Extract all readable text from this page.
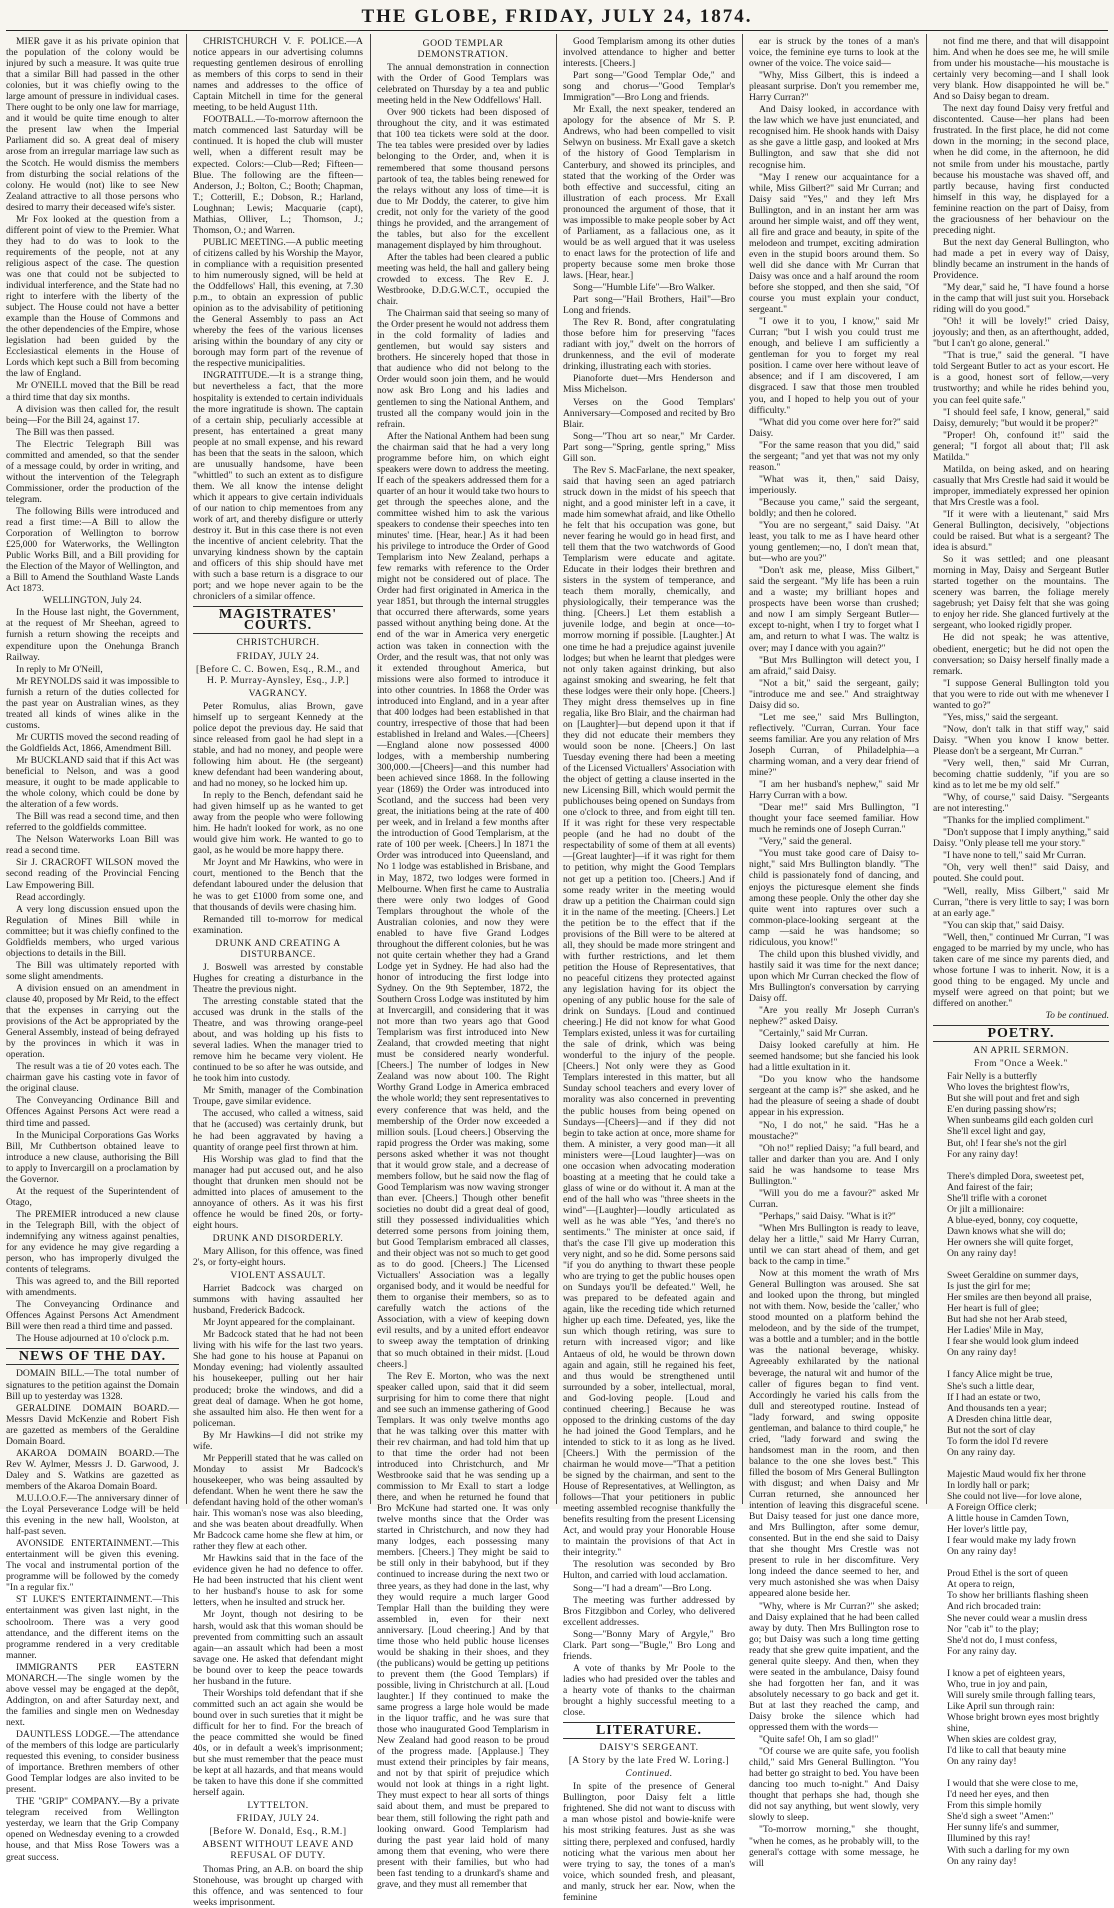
THE GLOBE, FRIDAY, JULY 24, 1874.

MIER gave it as his private opinion that the population of the colony would be injured by such a measure. It was quite true that a similar Bill had passed in the other colonies, but it was chiefly owing to the large amount of pressure in individual cases. There ought to be only one law for marriage, and it would be quite time enough to alter the present law when the Imperial Parliament did so. A great deal of misery arose from an irregular marriage law such as the Scotch. He would dismiss the members from disturbing the social relations of the colony. He would (not) like to see New Zealand attractive to all those persons who desired to marry their deceased wife's sister.

Mr Fox looked at the question from a different point of view to the Premier. What they had to do was to look to the requirements of the people, not at any religious aspect of the case. The question was one that could not be subjected to individual interference, and the State had no right to interfere with the liberty of the subject. The House could not have a better example than the House of Commons and the other dependencies of the Empire, whose legislation had been guided by the Ecclesiastical elements in the House of Lords which kept such a Bill from becoming the law of England.

Mr O'NEILL moved that the Bill be read a third time that day six months.

A division was then called for, the result being—For the Bill 24, against 17.

The Bill was then passed.

The Electric Telegraph Bill was committed and amended, so that the sender of a message could, by order in writing, and without the intervention of the Telegraph Commissioner, order the production of the telegram.

The following Bills were introduced and read a first time:—A Bill to allow the Corporation of Wellington to borrow £25,000 for Waterworks, the Wellington Public Works Bill, and a Bill providing for the Election of the Mayor of Wellington, and a Bill to Amend the Southland Waste Lands Act 1873.

WELLINGTON, July 24.

In the House last night, the Government, at the request of Mr Sheehan, agreed to furnish a return showing the receipts and expenditure upon the Onehunga Branch Railway.

In reply to Mr O'Neill,

Mr REYNOLDS said it was impossible to furnish a return of the duties collected for the past year on Australian wines, as they treated all kinds of wines alike in the customs.

Mr CURTIS moved the second reading of the Goldfields Act, 1866, Amendment Bill.

Mr BUCKLAND said that if this Act was beneficial to Nelson, and was a good measure, it ought to be made applicable to the whole colony, which could be done by the alteration of a few words.

The Bill was read a second time, and then referred to the goldfields committee.

The Nelson Waterworks Loan Bill was read a second time.

Sir J. CRACROFT WILSON moved the second reading of the Provincial Fencing Law Empowering Bill.

Read accordingly.

A very long discussion ensued upon the Regulation of Mines Bill while in committee; but it was chiefly confined to the Goldfields members, who urged various objections to details in the Bill.

The Bill was ultimately reported with some slight amendments.

A division ensued on an amendment in clause 40, proposed by Mr Reid, to the effect that the expenses in carrying out the provisions of the Act be appropriated by the General Assembly, instead of being defrayed by the provinces in which it was in operation.

The result was a tie of 20 votes each. The chairman gave his casting vote in favor of the original clause.

The Conveyancing Ordinance Bill and Offences Against Persons Act were read a third time and passed.

In the Municipal Corporations Gas Works Bill, Mr Cuthbertson obtained leave to introduce a new clause, authorising the Bill to apply to Invercargill on a proclamation by the Governor.

At the request of the Superintendent of Otago,

The PREMIER introduced a new clause in the Telegraph Bill, with the object of indemnifying any witness against penalties, for any evidence he may give regarding a person, who has improperly divulged the contents of telegrams.

This was agreed to, and the Bill reported with amendments.

The Conveyancing Ordinance and Offences Against Persons Act Amendment Bill were then read a third time and passed.

The House adjourned at 10 o'clock p.m.

NEWS OF THE DAY.

DOMAIN BILL.—The total number of signatures to the petition against the Domain Bill up to yesterday was 1328.

GERALDINE DOMAIN BOARD.—Messrs David McKenzie and Robert Fish are gazetted as members of the Geraldine Domain Board.

AKAROA DOMAIN BOARD.—The Rev W. Aylmer, Messrs J. D. Garwood, J. Daley and S. Watkins are gazetted as members of the Akaroa Domain Board.

M.U.I.O.O.F.—The anniversary dinner of the Loyal Perseverance Lodge will be held this evening in the new hall, Woolston, at half-past seven.

AVONSIDE ENTERTAINMENT.—This entertainment will be given this evening. The vocal and instrumental portion of the programme will be followed by the comedy "In a regular fix."

ST LUKE'S ENTERTAINMENT.—This entertainment was given last night, in the schoolroom. There was a very good attendance, and the different items on the programme rendered in a very creditable manner.

IMMIGRANTS PER EASTERN MONARCH.—The single women by the above vessel may be engaged at the depôt, Addington, on and after Saturday next, and the families and single men on Wednesday next.

DAUNTLESS LODGE.—The attendance of the members of this lodge are particularly requested this evening, to consider business of importance. Brethren members of other Good Templar lodges are also invited to be present.

THE "GRIP" COMPANY.—By a private telegram received from Wellington yesterday, we learn that the Grip Company opened on Wednesday evening to a crowded house, and that Miss Rose Towers was a great success.

CHRISTCHURCH V. F. POLICE.—A notice appears in our advertising columns requesting gentlemen desirous of enrolling as members of this corps to send in their names and addresses to the office of Captain Mitchell in time for the general meeting, to be held August 11th.

FOOTBALL.—To-morrow afternoon the match commenced last Saturday will be continued. It is hoped the club will muster well, when a different result may be expected. Colors:—Club—Red; Fifteen—Blue. The following are the fifteen—Anderson, J.; Bolton, C.; Booth; Chapman, T.; Cotterill, E.; Dobson, R.; Harland, Loughnan; Lewis; Macquarie (capt), Mathias, Olliver, L.; Thomson, J.; Thomson, O.; and Warren.

PUBLIC MEETING.—A public meeting of citizens called by his Worship the Mayor, in compliance with a requisition presented to him numerously signed, will be held at the Oddfellows' Hall, this evening, at 7.30 p.m., to obtain an expression of public opinion as to the advisability of petitioning the General Assembly to pass an Act whereby the fees of the various licenses arising within the boundary of any city or borough may form part of the revenue of the respective municipalities.

INGRATITUDE.—It is a strange thing, but nevertheless a fact, that the more hospitality is extended to certain individuals the more ingratitude is shown. The captain of a certain ship, peculiarly accessible at present, has entertained a great many people at no small expense, and his reward has been that the seats in the saloon, which are unusually handsome, have been "whittled" to such an extent as to disfigure them. We all know the intense delight which it appears to give certain individuals of our nation to chip mementoes from any work of art, and thereby disfigure or utterly destroy it. But in this case there is not even the incentive of ancient celebrity. That the unvarying kindness shown by the captain and officers of this ship should have met with such a base return is a disgrace to our port; and we hope never again to be the chroniclers of a similar offence.

MAGISTRATES' COURTS.
CHRISTCHURCH.
FRIDAY, JULY 24.
[Before C. C. Bowen, Esq., R.M., and H. P. Murray-Aynsley, Esq., J.P.]
VAGRANCY.

Peter Romulus, alias Brown, gave himself up to sergeant Kennedy at the police depot the previous day. He said that since released from gaol he had slept in a stable, and had no money, and people were following him about. He (the sergeant) knew defendant had been wandering about, and had no money, so he locked him up.

In reply to the Bench, defendant said he had given himself up as he wanted to get away from the people who were following him. He hadn't looked for work, as no one would give him work. He wanted to go to gaol, as he would be more happy there.

Mr Joynt and Mr Hawkins, who were in court, mentioned to the Bench that the defendant laboured under the delusion that he was to get £1000 from some one, and that thousands of devils were chasing him.

Remanded till to-morrow for medical examination.

DRUNK AND CREATING A DISTURBANCE.

J. Boswell was arrested by constable Hughes for creating a disturbance in the Theatre the previous night.

The arresting constable stated that the accused was drunk in the stalls of the Theatre, and was throwing orange-peel about, and was holding up his fists to several ladies. When the manager tried to remove him he became very violent. He continued to be so after he was outside, and he took him into custody.

Mr Smith, manager of the Combination Troupe, gave similar evidence.

The accused, who called a witness, said that he (accused) was certainly drunk, but he had been aggravated by having a quantity of orange peel first thrown at him.

His Worship was glad to find that the manager had put accused out, and he also thought that drunken men should not be admitted into places of amusement to the annoyance of others. As it was his first offence he would be fined 20s, or forty-eight hours.

DRUNK AND DISORDERLY.

Mary Allison, for this offence, was fined 2's, or forty-eight hours.

VIOLENT ASSAULT.

Harriet Badcock was charged on summons with having assaulted her husband, Frederick Badcock.

Mr Joynt appeared for the complainant.

Mr Badcock stated that he had not been living with his wife for the last two years. She had gone to his house at Papanui on Monday evening; had violently assaulted his housekeeper, pulling out her hair produced; broke the windows, and did a great deal of damage. When he got home, she assaulted him also. He then went for a policeman.

By Mr Hawkins—I did not strike my wife.

Mr Pepperill stated that he was called on Monday to assist Mr Badcock's housekeeper, who was being assaulted by defendant. When he went there he saw the defendant having hold of the other woman's hair. This woman's nose was also bleeding, and she was beaten about dreadfully. When Mr Badcock came home she flew at him, or rather they flew at each other.

Mr Hawkins said that in the face of the evidence given he had no defence to offer. He had been instructed that his client went to her husband's house to ask for some letters, when he insulted and struck her.

Mr Joynt, though not desiring to be harsh, would ask that this woman should be prevented from committing such an assault again—an assault which had been a most savage one. He asked that defendant might be bound over to keep the peace towards her husband in the future.

Their Worships told defendant that if she committed such an act again she would be bound over in such sureties that it might be difficult for her to find. For the breach of the peace committed she would be fined 40s, or in default a week's imprisonment; but she must remember that the peace must be kept at all hazards, and that means would be taken to have this done if she committed herself again.

LYTTELTON.
FRIDAY, JULY 24.
[Before W. Donald, Esq., R.M.]
ABSENT WITHOUT LEAVE AND REFUSAL OF DUTY.

Thomas Pring, an A.B. on board the ship Stonehouse, was brought up charged with this offence, and was sentenced to four weeks imprisonment.

GOOD TEMPLAR DEMONSTRATION.

The annual demonstration in connection with the Order of Good Templars was celebrated on Thursday by a tea and public meeting held in the New Oddfellows' Hall.

Over 900 tickets had been disposed of throughout the city, and it was estimated that 100 tea tickets were sold at the door. The tea tables were presided over by ladies belonging to the Order, and, when it is remembered that some thousand persons partook of tea, the tables being renewed for the relays without any loss of time—it is due to Mr Doddy, the caterer, to give him credit, not only for the variety of the good things he provided, and the arrangement of the tables, but also for the excellent management displayed by him throughout.

After the tables had been cleared a public meeting was held, the hall and gallery being crowded to excess. The Rev E. J. Westbrooke, D.D.G.W.C.T., occupied the chair.

The Chairman said that seeing so many of the Order present he would not address them in the cold formality of ladies and gentlemen, but would say sisters and brothers. He sincerely hoped that those in that audience who did not belong to the Order would soon join them, and he would now ask Bro Long and his ladies and gentlemen to sing the National Anthem, and trusted all the company would join in the refrain.

After the National Anthem had been sung the chairman said that he had a very long programme before him, on which eight speakers were down to address the meeting. If each of the speakers addressed them for a quarter of an hour it would take two hours to get through the speeches alone, and the committee wished him to ask the various speakers to condense their speeches into ten minutes' time. [Hear, hear.] As it had been his privilege to introduce the Order of Good Templarism into New Zealand, perhaps a few remarks with reference to the Order might not be considered out of place. The Order had first originated in America in the year 1851, but through the internal struggles that occurred there afterwards, some years passed without anything being done. At the end of the war in America very energetic action was taken in connection with the Order, and the result was, that not only was it extended throughout America, but missions were also formed to introduce it into other countries. In 1868 the Order was introduced into England, and in a year after that 400 lodges had been established in that country, irrespective of those that had been established in Ireland and Wales.—[Cheers]—England alone now possessed 4000 lodges, with a membership numbering 300,000.—[Cheers]—and this number had been achieved since 1868. In the following year (1869) the Order was introduced into Scotland, and the success had been very great, the initiations being at the rate of 400 per week, and in Ireland a few months after the introduction of Good Templarism, at the rate of 100 per week. [Cheers.] In 1871 the Order was introduced into Queensland, and No 1 lodge was established in Brisbane, and in May, 1872, two lodges were formed in Melbourne. When first he came to Australia there were only two lodges of Good Templars throughout the whole of the Australian colonies, and now they were enabled to have five Grand Lodges throughout the different colonies, but he was not quite certain whether they had a Grand Lodge yet in Sydney. He had also had the honor of introducing the first lodge into Sydney. On the 9th September, 1872, the Southern Cross Lodge was instituted by him at Invercargill, and considering that it was not more than two years ago that Good Templarism was first introduced into New Zealand, that crowded meeting that night must be considered nearly wonderful. [Cheers.] The number of lodges in New Zealand was now about 100. The Right Worthy Grand Lodge in America embraced the whole world; they sent representatives to every conference that was held, and the membership of the Order now exceeded a million souls. [Loud cheers.] Observing the rapid progress the Order was making, some persons asked whether it was not thought that it would grow stale, and a decrease of members follow, but he said now the flag of Good Templarism was now waving stronger than ever. [Cheers.] Though other benefit societies no doubt did a great deal of good, still they possessed individualities which deterred some persons from joining them, but Good Templarism embraced all classes, and their object was not so much to get good as to do good. [Cheers.] The Licensed Victuallers' Association was a legally organised body, and it would be needful for them to organise their members, so as to carefully watch the actions of the Association, with a view of keeping down evil results, and by a united effort endeavor to sweep away the temptation of drinking that so much obtained in their midst. [Loud cheers.]

The Rev E. Morton, who was the next speaker called upon, said that it did seem surprising for him to come there that night and see such an immense gathering of Good Templars. It was only twelve months ago that he was talking over this matter with their rev chairman, and had told him that up to that time the order had not been introduced into Christchurch, and Mr Westbrooke said that he was sending up a commission to Mr Exall to start a lodge there, and when he returned he found that Bro McKune had started one. It was only twelve months since that the Order was started in Christchurch, and now they had many lodges, each possessing many members. [Cheers.] They might be said to be still only in their babyhood, but if they continued to increase during the next two or three years, as they had done in the last, why they would require a much larger Good Templar Hall than the building they were assembled in, even for their next anniversary. [Loud cheering.] And by that time those who held public house licenses would be shaking in their shoes, and they (the publicans) would be getting up petitions to prevent them (the Good Templars) if possible, living in Christchurch at all. [Loud laughter.] If they continued to make the same progress a large hole would be made in the liquor traffic, and he was sure that those who inaugurated Good Templarism in New Zealand had good reason to be proud of the progress made. [Applause.] They must extend their principles by fair means, and not by that spirit of prejudice which would not look at things in a right light. They must expect to hear all sorts of things said about them, and must be prepared to bear them, still following the right path and looking onward. Good Templarism had during the past year laid hold of many among them that evening, who were there present with their families, but who had been fast tending to a drunkard's shame and grave, and they must all remember that

Good Templarism among its other duties involved attendance to higher and better interests. [Cheers.]

Part song—"Good Templar Ode," and song and chorus—"Good Templar's Immigration"—Bro Long and friends.

Mr Exall, the next speaker, tendered an apology for the absence of Mr S. P. Andrews, who had been compelled to visit Selwyn on business. Mr Exall gave a sketch of the history of Good Templarism in Canterbury, and showed its principles, and stated that the working of the Order was both effective and successful, citing an illustration of each process. Mr Exall pronounced the argument of those, that it was impossible to make people sober by Act of Parliament, as a fallacious one, as it would be as well argued that it was useless to enact laws for the protection of life and property because some men broke those laws. [Hear, hear.]

Song—"Humble Life"—Bro Walker.

Part song—"Hail Brothers, Hail"—Bro Long and friends.

The Rev R. Bond, after congratulating those before him for preserving "faces radiant with joy," dwelt on the horrors of drunkenness, and the evil of moderate drinking, illustrating each with stories.

Pianoforte duet—Mrs Henderson and Miss Michelson.

Verses on the Good Templars' Anniversary—Composed and recited by Bro Blair.

Song—"Thou art so near," Mr Carder. Part song—"Spring, gentle spring," Miss Gill son.

The Rev S. MacFarlane, the next speaker, said that having seen an aged patriarch struck down in the midst of his speech that night, and a good minister left in a cave, it made him somewhat afraid, and like Othello he felt that his occupation was gone, but never fearing he would go in head first, and tell them that the two watchwords of Good Templarism were educate and agitate. Educate in their lodges their brethren and sisters in the system of temperance, and teach them morally, chemically, and physiologically, their temperance was the thing. [Cheers.] Let them establish a juvenile lodge, and begin at once—to-morrow morning if possible. [Laughter.] At one time he had a prejudice against juvenile lodges; but when he learnt that pledges were not only taken against drinking, but also against smoking and swearing, he felt that these lodges were their only hope. [Cheers.] They might dress themselves up in fine regalia, like Bro Blair, and the chairman had on [Laughter]—but depend upon it that if they did not educate their members they would soon be none. [Cheers.] On last Tuesday evening there had been a meeting of the Licensed Victuallers' Association with the object of getting a clause inserted in the new Licensing Bill, which would permit the publichouses being opened on Sundays from one o'clock to three, and from eight till ten. If it was right for these very respectable people (and he had no doubt of the respectability of some of them at all events)—[Great laughter]—if it was right for them to petition, why might the Good Templars not get up a petition too. [Cheers.] And if some ready writer in the meeting would draw up a petition the Chairman could sign it in the name of the meeting. [Cheers.] Let the petition be to the effect that if the provisions of the Bill were to be altered at all, they should be made more stringent and with further restrictions, and let them petition the House of Representatives, that no peaceful citizens they protected against any legislation having for its object the opening of any public house for the sale of drink on Sundays. [Loud and continued cheering.] He did not know for what Good Templars existed, unless it was for curtailing the sale of drink, which was being wonderful to the injury of the people. [Cheers.] Not only were they as Good Templars interested in this matter, but all Sunday school teachers and every lover of morality was also concerned in preventing the public houses from being opened on Sundays—[Cheers]—and if they did not begin to take action at once, more shame for them. A minister, a very good man—it all ministers were—[Loud laughter]—was on one occasion when advocating moderation boasting at a meeting that he could take a glass of wine or do without it. A man at the end of the hall who was "three sheets in the wind"—[Laughter]—loudly articulated as well as he was able "Yes, 'and there's no sentiments." The minister at once said, if that's the case I'll give up moderation this very night, and so he did. Some persons said "if you do anything to thwart these people who are trying to get the public houses open on Sundays you'll be defeated." Well, he was prepared to be defeated again and again, like the receding tide which returned higher up each time. Defeated, yes, like the sun which though retiring, was sure to return with increased vigor; and like Antaeus of old, he would be thrown down again and again, still he regained his feet, and thus would be strengthened until surrounded by a sober, intellectual, moral, and God-loving people. [Loud and continued cheering.] Because he was opposed to the drinking customs of the day he had joined the Good Templars, and he intended to stick to it as long as he lived. [Cheers.] With the permission of the chairman he would move—"That a petition be signed by the chairman, and sent to the House of Representatives, at Wellington, as follows—That your petitioners in public meeting assembled recognise thankfully the benefits resulting from the present Licensing Act, and would pray your Honorable House to maintain the provisions of that Act in their integrity."

The resolution was seconded by Bro Hulton, and carried with loud acclamation.

Song—"I had a dream"—Bro Long.

The meeting was further addressed by Bros Fitzgibbon and Corley, who delivered excellent addresses.

Song—"Bonny Mary of Argyle," Bro Clark. Part song—"Bugle," Bro Long and friends.

A vote of thanks by Mr Poole to the ladies who had presided over the tables and a hearty vote of thanks to the chairman brought a highly successful meeting to a close.

LITERATURE.
DAISY'S SERGEANT.
[A Story by the late Fred W. Loring.]
Continued.

In spite of the presence of General Bullington, poor Daisy felt a little frightened. She did not want to discuss with a man whose pistol and bowie-knife were his most striking features. Just as she was sitting there, perplexed and confused, hardly noticing what the various men about her were trying to say, the tones of a man's voice, which sounded fresh, and pleasant, and manly, struck her ear. Now, when the feminine

ear is struck by the tones of a man's voice, the feminine eye turns to look at the owner of the voice. The voice said—

"Why, Miss Gilbert, this is indeed a pleasant surprise. Don't you remember me, Harry Curran?"

And Daisy looked, in accordance with the law which we have just enunciated, and recognised him. He shook hands with Daisy as she gave a little gasp, and looked at Mrs Bullington, and saw that she did not recognise him.

"May I renew our acquaintance for a while, Miss Gilbert?" said Mr Curran; and Daisy said "Yes," and they left Mrs Bullington, and in an instant her arm was around her simple waist, and off they went, all fire and grace and beauty, in spite of the melodeon and trumpet, exciting admiration even in the stupid boors around them. So well did she dance with Mr Curran that Daisy was once and a half around the room before she stopped, and then she said, "Of course you must explain your conduct, sergeant."

"I owe it to you, I know," said Mr Curran; "but I wish you could trust me enough, and believe I am sufficiently a gentleman for you to forget my real position. I came over here without leave of absence; and if I am discovered, I am disgraced. I saw that those men troubled you, and I hoped to help you out of your difficulty."

"What did you come over here for?" said Daisy.

"For the same reason that you did," said the sergeant; "and yet that was not my only reason."

"What was it, then," said Daisy, imperiously.

"Because you came," said the sergeant, boldly; and then he colored.

"You are no sergeant," said Daisy. "At least, you talk to me as I have heard other young gentlemen;—no, I don't mean that, but—who are you?"

"Don't ask me, please, Miss Gilbert," said the sergeant. "My life has been a ruin and a waste; my brilliant hopes and prospects have been worse than crushed; and now I am simply Sergeant Butler—except to-night, when I try to forget what I am, and return to what I was. The waltz is over; may I dance with you again?"

"But Mrs Bullington will detect you, I am afraid," said Daisy.

"Not a bit," said the sergeant, gaily; "introduce me and see." And straightway Daisy did so.

"Let me see," said Mrs Bullington, reflectively. "Curran, Curran. Your face seems familiar. Are you any relation of Mrs Joseph Curran, of Philadelphia—a charming woman, and a very dear friend of mine?"

"I am her husband's nephew," said Mr Harry Curran with a bow.

"Dear me!" said Mrs Bullington, "I thought your face seemed familiar. How much he reminds one of Joseph Curran."

"Very," said the general.

"You must take good care of Daisy to-night," said Mrs Bullington blandly. "The child is passionately fond of dancing, and enjoys the picturesque element she finds among these people. Only the other day she quite went into raptures over such a common-place-looking sergeant at the camp —said he was handsome; so ridiculous, you know!"

The child upon this blushed vividly, and hastily said it was time for the next dance; upon which Mr Curran checked the flow of Mrs Bullington's conversation by carrying Daisy off.

"Are you really Mr Joseph Curran's nephew?" asked Daisy.

"Certainly," said Mr Curran.

Daisy looked carefully at him. He seemed handsome; but she fancied his look had a little exultation in it.

"Do you know who the handsome sergeant at the camp is?" she asked, and he had the pleasure of seeing a shade of doubt appear in his expression.

"No, I do not," he said. "Has he a moustache?"

"Oh no!" replied Daisy; "a full beard, and taller and darker than you are. And I only said he was handsome to tease Mrs Bullington."

"Will you do me a favour?" asked Mr Curran.

"Perhaps," said Daisy. "What is it?"

"When Mrs Bullington is ready to leave, delay her a little," said Mr Harry Curran, until we can start ahead of them, and get back to the camp in time."

Now at this moment the wrath of Mrs General Bullington was aroused. She sat and looked upon the throng, but mingled not with them. Now, beside the 'caller,' who stood mounted on a platform behind the melodeon, and by the side of the trumpet, was a bottle and a tumbler; and in the bottle was the national beverage, whisky. Agreeably exhilarated by the national beverage, the natural wit and humor of the caller of figures began to find vent. Accordingly he varied his calls from the dull and stereotyped routine. Instead of "lady forward, and swing opposite gentleman, and balance to third couple," he cried, "lady forward and swing the handsomest man in the room, and then balance to the one she loves best." This filled the bosom of Mrs General Bullington with disgust; and when Daisy and Mr Curran returned, she announced her intention of leaving this disgraceful scene. But Daisy teased for just one dance more, and Mrs Bullington, after some demur, consented. But in the end she said to Daisy that she thought Mrs Crestle was not present to rule in her discomfiture. Very long indeed the dance seemed to her, and very much astonished she was when Daisy appeared alone beside her.

"Why, where is Mr Curran?" she asked; and Daisy explained that he had been called away by duty. Then Mrs Bullington rose to go; but Daisy was such a long time getting ready that she grew quite impatient, and the general quite sleepy. And then, when they were seated in the ambulance, Daisy found she had forgotten her fan, and it was absolutely necessary to go back and get it. But at last they reached the camp, and Daisy broke the silence which had oppressed them with the words—

"Quite safe! Oh, I am so glad!"

"Of course we are quite safe, you foolish child," said Mrs General Bullington. "You had better go straight to bed. You have been dancing too much to-night." And Daisy thought that perhaps she had, though she did not say anything, but went slowly, very slowly to sleep.

"To-morrow morning," she thought, "when he comes, as he probably will, to the general's cottage with some message, he will

not find me there, and that will disappoint him. And when he does see me, he will smile from under his moustache—his moustache is certainly very becoming—and I shall look very blank. How disappointed he will be." And so Daisy began to dream.

The next day found Daisy very fretful and discontented. Cause—her plans had been frustrated. In the first place, he did not come down in the morning; in the second place, when he did come, in the afternoon, he did not smile from under his moustache, partly because his moustache was shaved off, and partly because, having first conducted himself in this way, he displayed for a feminine reaction on the part of Daisy, from the graciousness of her behaviour on the preceding night.

But the next day General Bullington, who had made a pet in every way of Daisy, blindly became an instrument in the hands of Providence.

"My dear," said he, "I have found a horse in the camp that will just suit you. Horseback riding will do you good."

"Oh! it will be lovely!" cried Daisy, joyously; and then, as an afterthought, added, "but I can't go alone, general."

"That is true," said the general. "I have told Sergeant Butler to act as your escort. He is a good, honest sort of fellow,—very trustworthy; and while he rides behind you, you can feel quite safe."

"I should feel safe, I know, general," said Daisy, demurely; "but would it be proper?"

"Proper! Oh, confound it!" said the general; "I forgot all about that; I'll ask Matilda."

Matilda, on being asked, and on hearing casually that Mrs Crestle had said it would be improper, immediately expressed her opinion that Mrs Crestle was a fool.

"If it were with a lieutenant," said Mrs General Bullington, decisively, "objections could be raised. But what is a sergeant? The idea is absurd."

So it was settled; and one pleasant morning in May, Daisy and Sergeant Butler started together on the mountains. The scenery was barren, the foliage merely sagebrush; yet Daisy felt that she was going to enjoy her ride. She glanced furtively at the sergeant, who looked rigidly proper.

He did not speak; he was attentive, obedient, energetic; but he did not open the conversation; so Daisy herself finally made a remark.

"I suppose General Bullington told you that you were to ride out with me whenever I wanted to go?"

"Yes, miss," said the sergeant.

"Now, don't talk in that stiff way," said Daisy. "When you know I know better. Please don't be a sergeant, Mr Curran."

"Very well, then," said Mr Curran, becoming chattie suddenly, "if you are so kind as to let me be my old self."

"Why, of course," said Daisy. "Sergeants are not interesting."

"Thanks for the implied compliment."

"Don't suppose that I imply anything," said Daisy. "Only please tell me your story."

"I have none to tell," said Mr Curran.

"Oh, very well then!" said Daisy, and pouted. She could pout.

"Well, really, Miss Gilbert," said Mr Curran, "there is very little to say; I was born at an early age."

"You can skip that," said Daisy.

"Well, then," continued Mr Curran, "I was engaged to be married by my uncle, who has taken care of me since my parents died, and whose fortune I was to inherit. Now, it is a good thing to be engaged. My uncle and myself were agreed on that point; but we differed on another."

To be continued.

POETRY.
AN APRIL SERMON.
From "Once a Week."

Fair Nelly is a butterfly

Who loves the brightest flow'rs,

But she will pout and fret and sigh

E'en during passing show'rs;

When sunbeams gild each golden curl

She'll excel light and gay,

But, oh! I fear she's not the girl

For any rainy day!

There's dimpled Dora, sweetest pet,

And fairest of the fair;

She'll trifle with a coronet

Or jilt a millionaire:

A blue-eyed, bonny, coy coquette,

Dawn knows what she will do;

Her owners she will quite forget,

On any rainy day!

Sweet Geraldine on summer days,

Is just the girl for me;

Her smiles are then beyond all praise,

Her heart is full of glee;

But had she not her Arab steed,

Her Ladies' Mile in May,

I fear she would look glum indeed

On any rainy day!

I fancy Alice might be true,

She's such a little dear,

If I had an estate or two,

And thousands ten a year;

A Dresden china little dear,

But not the sort of clay

To form the idol I'd revere

On any rainy day.

Majestic Maud would fix her throne

In lordly hall or park;

She could not live—for love alone,

A Foreign Office clerk;

A little house in Camden Town,

Her lover's little pay,

I fear would make my lady frown

On any rainy day!

Proud Ethel is the sort of queen

At opera to reign,

To show her brilliants flashing sheen

And rich brocaded train:

She never could wear a muslin dress

Nor "cab it" to the play;

She'd not do, I must confess,

For any rainy day.

I know a pet of eighteen years,

Who, true in joy and pain,

Will surely smile through falling tears,

Like April sun through rain:

Whose bright brown eyes most brightly shine,

When skies are coldest gray,

I'd like to call that beauty mine

On any rainy day!

I would that she were close to me,

I'd need her eyes, and then

From this simple homily

She'd sigh a sweet "Amen:"

Her sunny life's and summer,

Illumined by this ray!

With such a darling for my own

On any rainy day!
